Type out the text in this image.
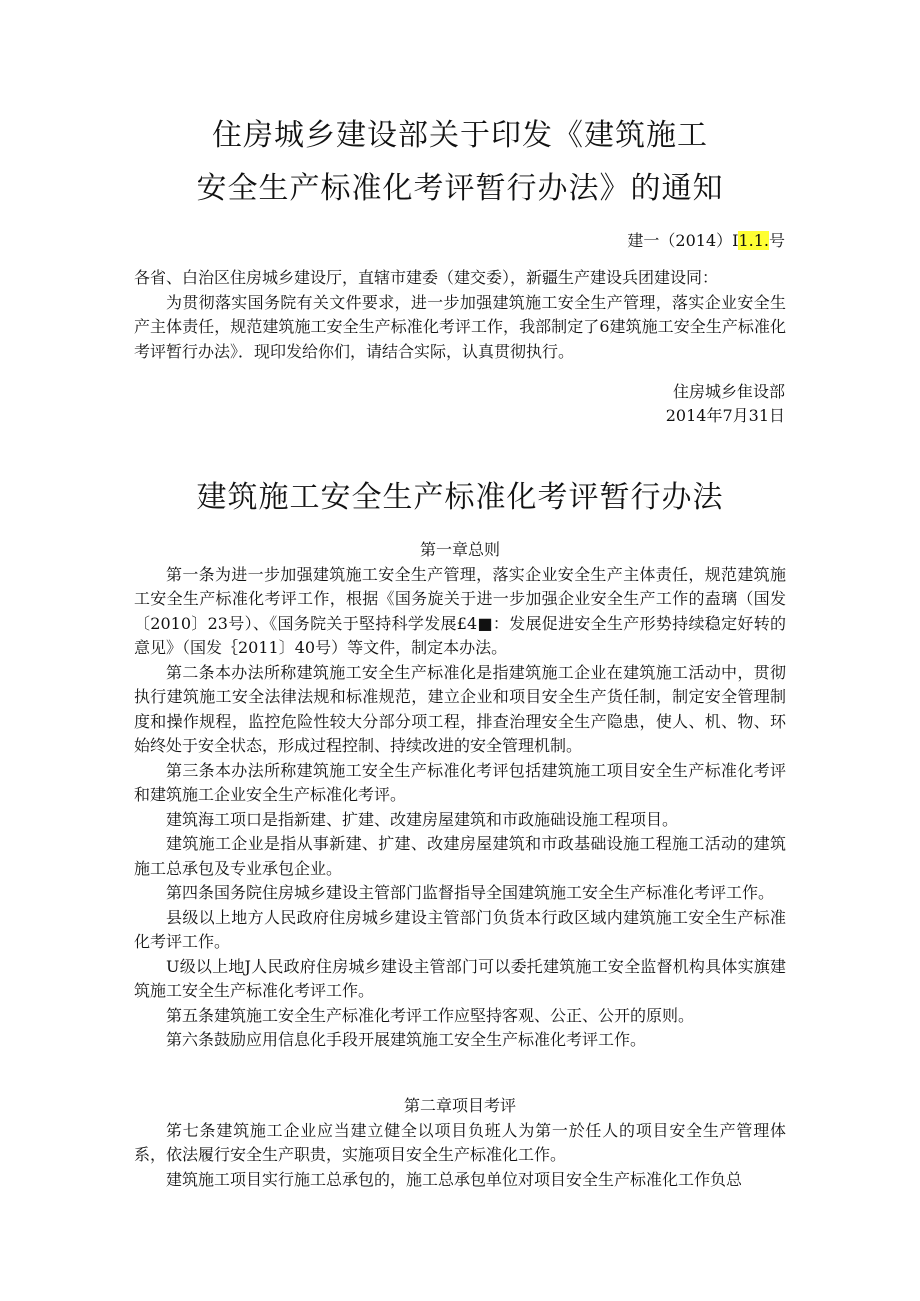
住房城乡建设部关于印发《建筑施工
安全生产标准化考评暂行办法》的通知
建一（2014）I1.1.号

各省、白治区住房城乡建设厅，直辖市建委（建交委），新疆生产建设兵团建设同：

为贯彻落实国务院有关文件要求，进一步加强建筑施工安全生产管理，落实企业安全生产主体责任，规范建筑施工安全生产标准化考评工作，我部制定了6建筑施工安全生产标准化考评暂行办法》．现印发给你们，请结合实际，认真贯彻执行。

住房城乡隹设部
2014年7月31日
建筑施工安全生产标准化考评暂行办法

第一章总则

第一条为进一步加强建筑施工安全生产管理，落实企业安全生产主体责任，规范建筑施工安全生产标准化考评工作，根据《国务旋关于进一步加强企业安全生产工作的盍璃（国发〔2010〕23号）、《国务院关于堅持科学发展£4■：发展促进安全生产形势持续稳定好转的意见》（国发｛2011〕40号）等文件，制定本办法。

第二条本办法所称建筑施工安全生产标准化是指建筑施工企业在建筑施工活动中，贯彻执行建筑施工安全法律法规和标准规范，建立企业和项目安全生产货任制，制定安全管理制度和操作规程，监控危险性较大分部分项工程，排查治理安全生产隐患，使人、机、物、环始终处于安全状态，形成过程控制、持续改进的安全管理机制。

第三条本办法所称建筑施工安全生产标准化考评包括建筑施工项目安全生产标准化考评和建筑施工企业安全生产标准化考评。

建筑海工项口是指新建、扩建、改建房屋建筑和市政施础设施工程项目。

建筑施工企业是指从事新建、扩建、改建房屋建筑和市政基础设施工程施工活动的建筑施工总承包及专业承包企业。

第四条国务院住房城乡建设主管部门监督指导全国建筑施工安全生产标准化考评工作。

县级以上地方人民政府住房城乡建设主管部门负货本行政区域内建筑施工安全生产标准化考评工作。

U级以上地J人民政府住房城乡建设主管部门可以委托建筑施工安全监督机构具体实旗建筑施工安全生产标准化考评工作。

第五条建筑施工安全生产标准化考评工作应堅持客观、公正、公开的原则。

第六条鼓励应用信息化手段开展建筑施工安全生产标准化考评工作。

第二章项目考评

笫七条建筑施工企业应当建立健全以项目负班人为第一於任人的项目安全生产管理体系，依法履行安全生产职贵，实施项目安全生产标准化工作。

建筑施工项目实行施工总承包的，施工总承包单位对项目安全生产标准化工作负总
